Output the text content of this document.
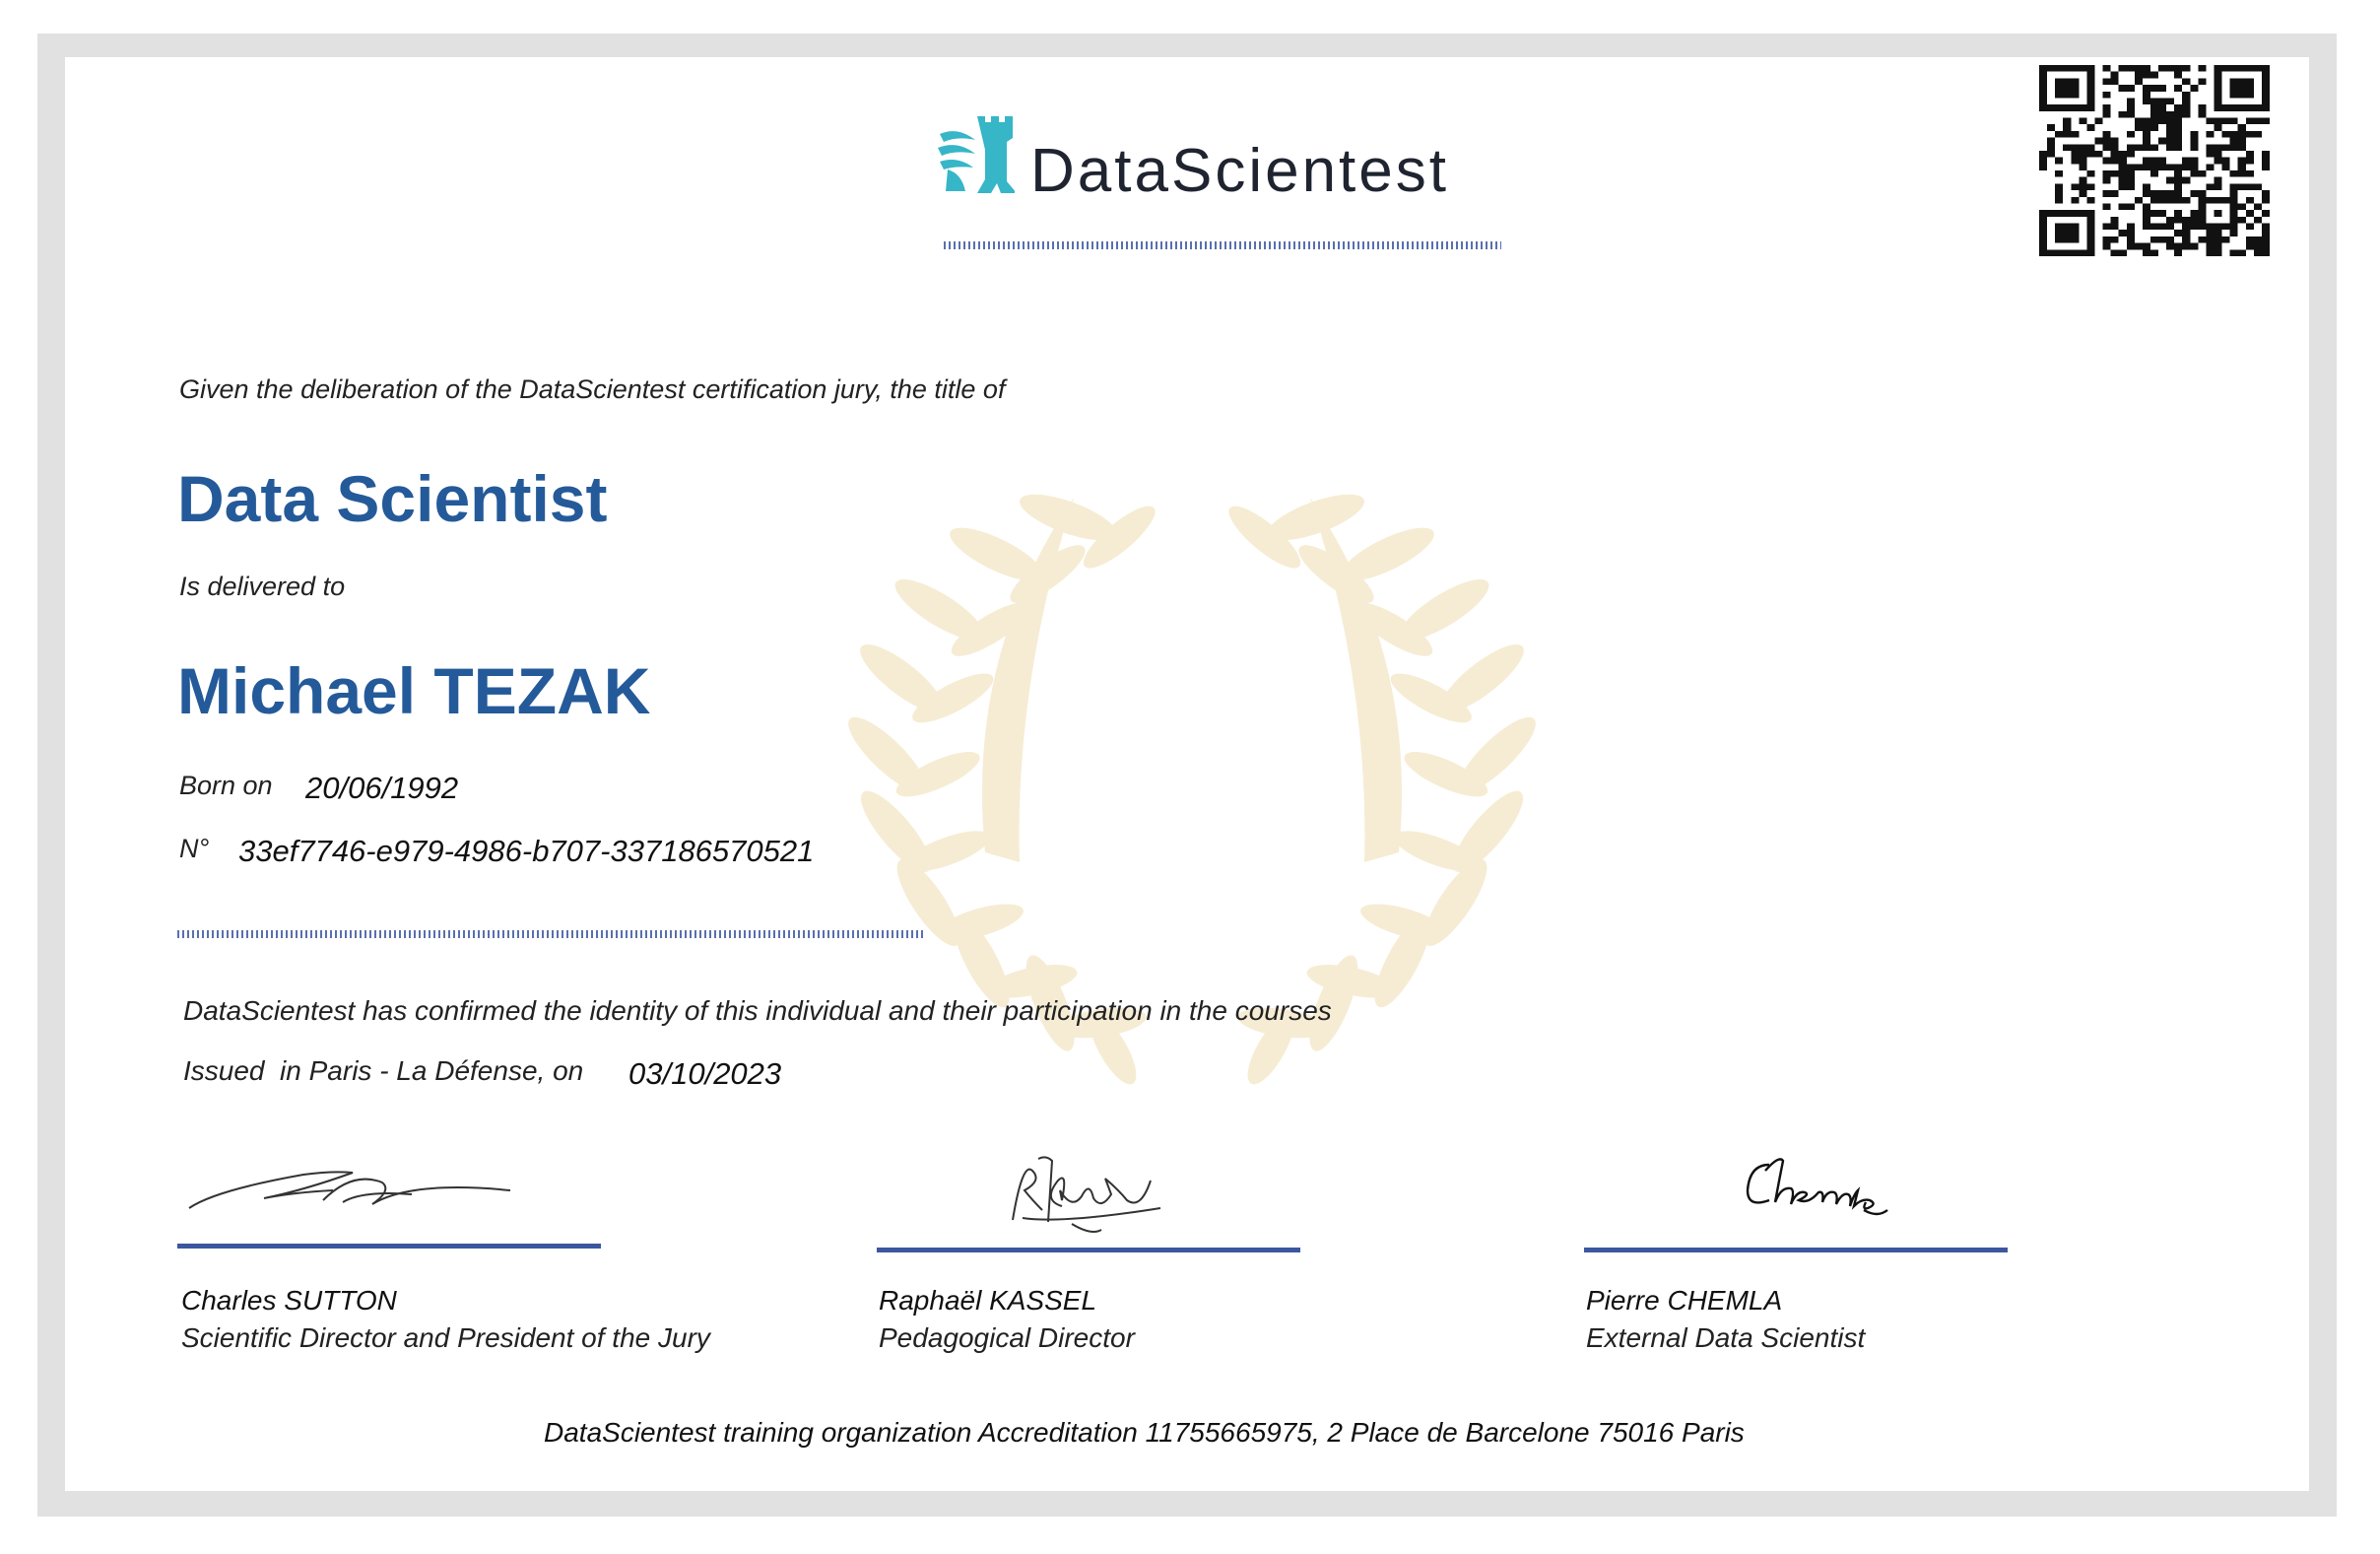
DataScientest
Given the deliberation of the DataScientest certification jury, the title of
Data Scientist
Is delivered to
Michael TEZAK
Born on 20/06/1992
N° 33ef7746-e979-4986-b707-337186570521
DataScientest has confirmed the identity of this individual and their participation in the courses
Issued  in Paris - La Défense, on 03/10/2023
Charles SUTTON
Scientific Director and President of the Jury
Raphaël KASSEL
Pedagogical Director
Pierre CHEMLA
External Data Scientist
DataScientest training organization Accreditation 11755665975, 2 Place de Barcelone 75016 Paris
